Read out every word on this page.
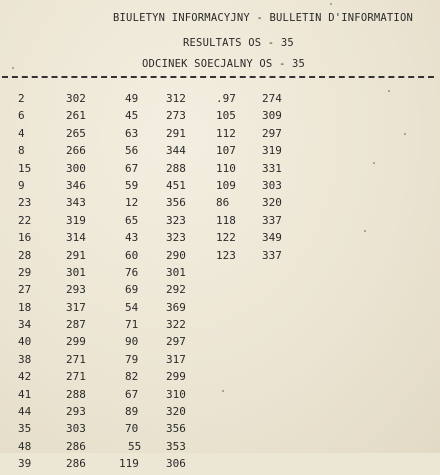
BIULETYN INFORMACYJNY - BULLETIN D'INFORMATION
RESULTATS OS - 35
ODCINEK SOECJALNY OS - 35
2	302	49	312	.97 274
6	261	45	273	105 309
4	265	63	291	112 297
8	266	56	344	107 319
15	300	67	288	110 331
9	346	59	451	109 303
23	343	12	356	86	320
22	319	65	323	118 337
16	314	43	323	122 349
28	291	60	290	123 337
29	301	76	301
27	293	69	292
18	317	54	369
34	287	71	322
40	299	90	297
38	271	79	317
42	271	82	299
41	288	67	310
44	293	89	320
35	303	70	356
48	286	55 353
39	286	119 306
